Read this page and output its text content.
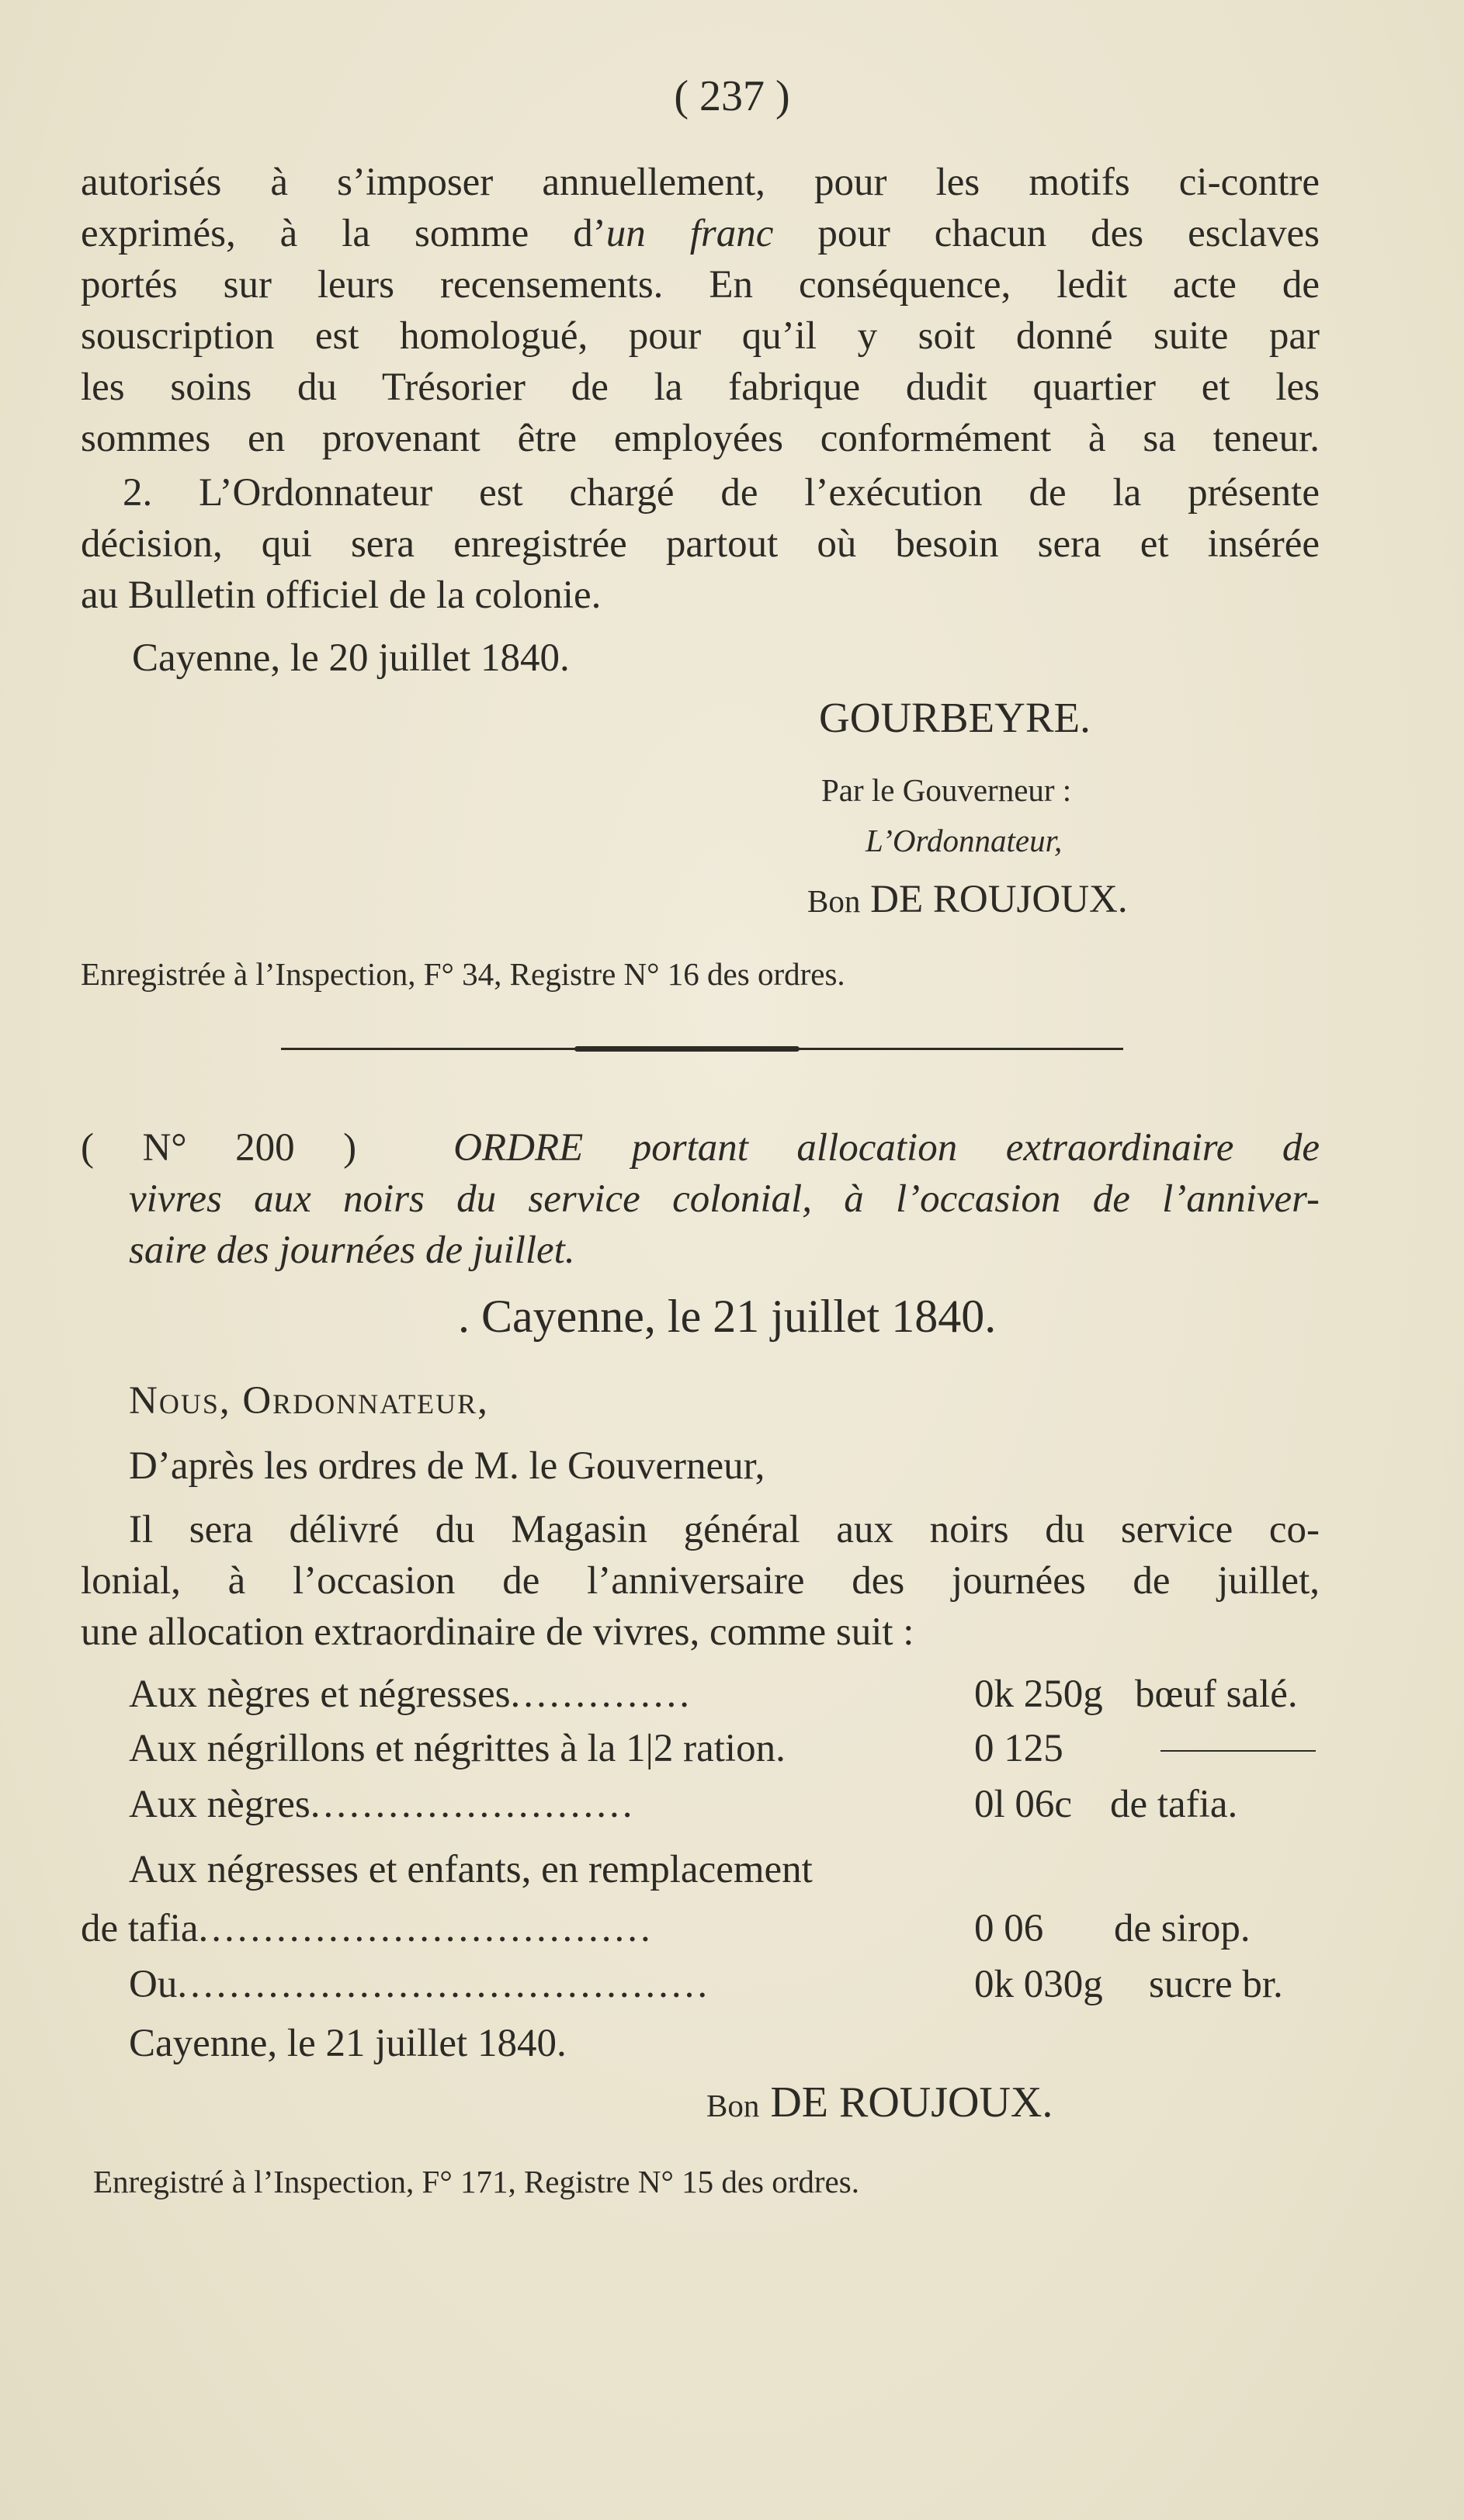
( 237 )

autorisés à s’imposer annuellement, pour les motifs ci-contre

exprimés, à la somme d’un franc pour chacun des esclaves

portés sur leurs recensements. En conséquence, ledit acte de

souscription est homologué, pour qu’il y soit donné suite par

les soins du Trésorier de la fabrique dudit quartier et les

sommes en provenant être employées conformément à sa teneur.

2. L’Ordonnateur est chargé de l’exécution de la présente

décision, qui sera enregistrée partout où besoin sera et insérée

au Bulletin officiel de la colonie.

Cayenne, le 20 juillet 1840.

GOURBEYRE.

Par le Gouverneur :

L’Ordonnateur,

Bon DE ROUJOUX.

Enregistrée à l’Inspection, F° 34, Registre N° 16 des ordres.

( N° 200 ) ORDRE portant allocation extraordinaire de

vivres aux noirs du service colonial, à l’occasion de l’anniver-

saire des journées de juillet.

. Cayenne, le 21 juillet 1840.

Nous, Ordonnateur,

D’après les ordres de M. le Gouverneur,

Il sera délivré du Magasin général aux noirs du service co-

lonial, à l’occasion de l’anniversaire des journées de juillet,

une allocation extraordinaire de vivres, comme suit :

Aux nègres et négresses..............	0k 250g bœuf salé.
Aux négrillons et négrittes à la 1|2 ration.	0 125
Aux nègres.........................	0l 06c de tafia.
Aux négresses et enfants, en remplacement
de tafia...................................	0 06 de sirop.
Ou.........................................	0k 030g sucre br.

Cayenne, le 21 juillet 1840.

Bon DE ROUJOUX.

Enregistré à l’Inspection, F° 171, Registre N° 15 des ordres.
